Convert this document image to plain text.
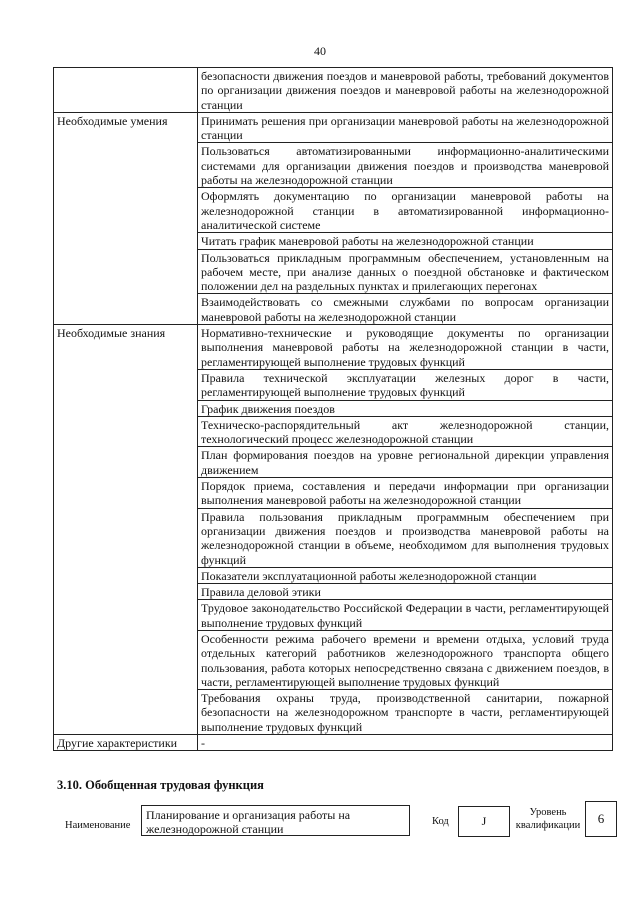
40
	безопасности движения поездов и маневровой работы, требований документов по организации движения поездов и маневровой работы на железнодорожной станции
Необходимые умения	Принимать решения при организации маневровой работы на железнодорожной станции
	Пользоваться автоматизированными информационно-аналитическими системами для организации движения поездов и производства маневровой работы на железнодорожной станции
	Оформлять документацию по организации маневровой работы на железнодорожной станции в автоматизированной информационно-аналитической системе
	Читать график маневровой работы на железнодорожной станции
	Пользоваться прикладным программным обеспечением, установленным на рабочем месте, при анализе данных о поездной обстановке и фактическом положении дел на раздельных пунктах и прилегающих перегонах
	Взаимодействовать со смежными службами по вопросам организации маневровой работы на железнодорожной станции
Необходимые знания	Нормативно-технические и руководящие документы по организации выполнения маневровой работы на железнодорожной станции в части, регламентирующей выполнение трудовых функций
	Правила технической эксплуатации железных дорог в части, регламентирующей выполнение трудовых функций
	График движения поездов
	Техническо-распорядительный акт железнодорожной станции, технологический процесс железнодорожной станции
	План формирования поездов на уровне региональной дирекции управления движением
	Порядок приема, составления и передачи информации при организации выполнения маневровой работы на железнодорожной станции
	Правила пользования прикладным программным обеспечением при организации движения поездов и производства маневровой работы на железнодорожной станции в объеме, необходимом для выполнения трудовых функций
	Показатели эксплуатационной работы железнодорожной станции
	Правила деловой этики
	Трудовое законодательство Российской Федерации в части, регламентирующей выполнение трудовых функций
	Особенности режима рабочего времени и времени отдыха, условий труда отдельных категорий работников железнодорожного транспорта общего пользования, работа которых непосредственно связана с движением поездов, в части, регламентирующей выполнение трудовых функций
	Требования охраны труда, производственной санитарии, пожарной безопасности на железнодорожном транспорте в части, регламентирующей выполнение трудовых функций
Другие характеристики	-
3.10. Обобщенная трудовая функция
Наименование
Планирование и организация работы на железнодорожной станции
Код	J
Уровень квалификации	6
